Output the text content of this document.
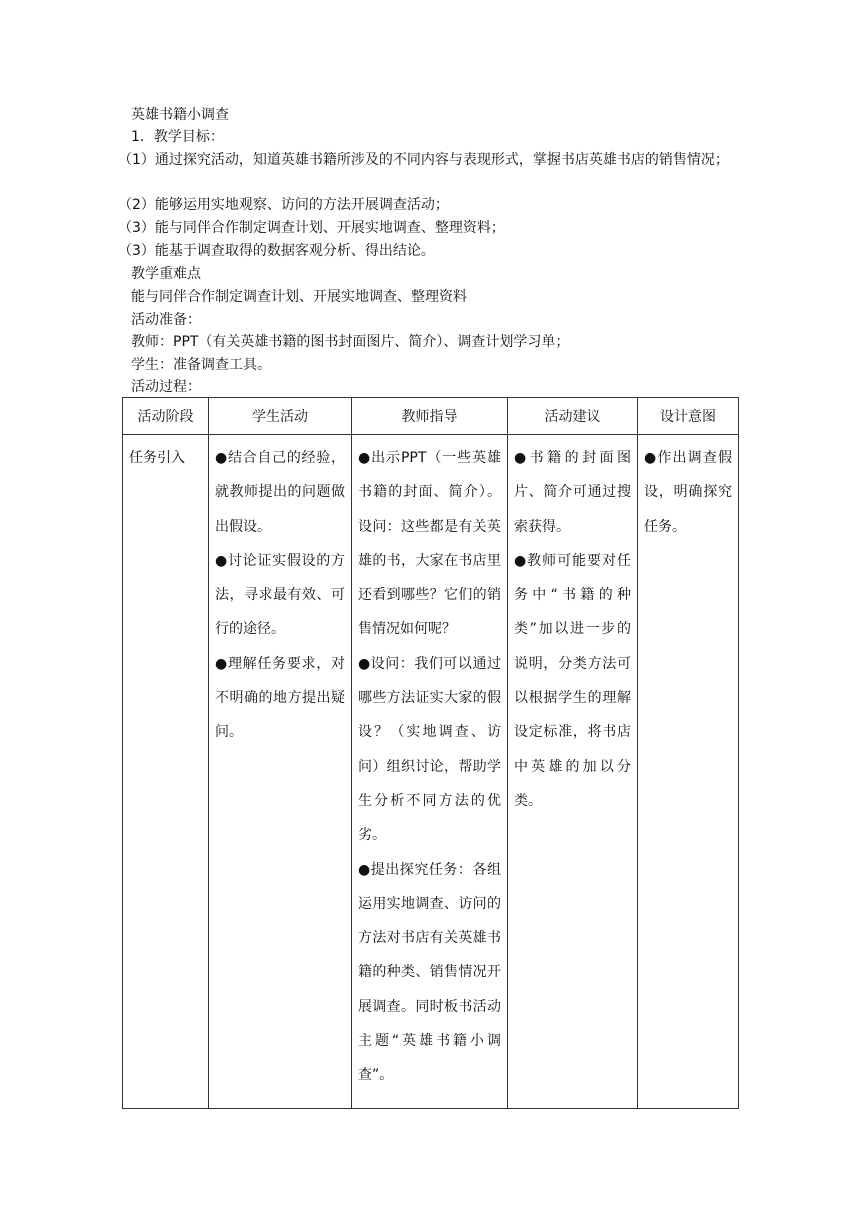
英雄书籍小调查
1．教学目标：
（1）通过探究活动，知道英雄书籍所涉及的不同内容与表现形式，掌握书店英雄书店的销售情况；
（2）能够运用实地观察、访问的方法开展调查活动；
（3）能与同伴合作制定调查计划、开展实地调查、整理资料；
（3）能基于调查取得的数据客观分析、得出结论。
教学重难点
能与同伴合作制定调查计划、开展实地调查、整理资料
活动准备：
教师：PPT（有关英雄书籍的图书封面图片、简介）、调查计划学习单；
学生：准备调查工具。
活动过程：
活动阶段	学生活动	教师指导	活动建议	设计意图

任务引入	●结合自己的经验，就教师提出的问题做出假设。
●讨论证实假设的方法，寻求最有效、可行的途径。
●理解任务要求，对不明确的地方提出疑问。	●出示PPT（一些英雄书籍的封面、简介）。设问：这些都是有关英雄的书，大家在书店里还看到哪些？它们的销售情况如何呢？
●设问：我们可以通过哪些方法证实大家的假设？（实地调查、访问）组织讨论，帮助学生分析不同方法的优劣。
●提出探究任务：各组运用实地调查、访问的方法对书店有关英雄书籍的种类、销售情况开展调查。同时板书活动主题“英雄书籍小调查”。	●书籍的封面图片、简介可通过搜索获得。
●教师可能要对任务中“书籍的种类”加以进一步的说明，分类方法可以根据学生的理解设定标准，将书店中英雄的加以分类。	●作出调查假设，明确探究任务。
